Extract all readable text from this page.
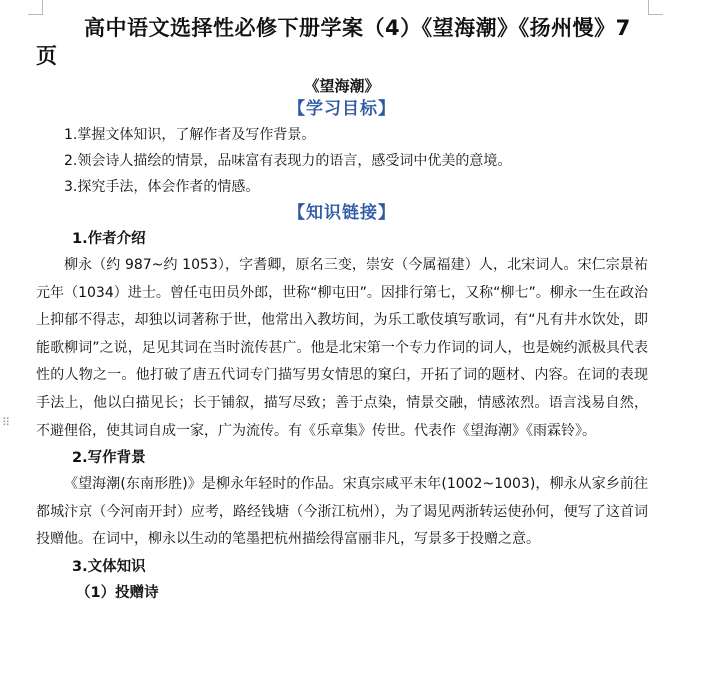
⠿
高中语文选择性必修下册学案（4）《望海潮》《扬州慢》7页
《望海潮》
【学习目标】

1.掌握文体知识，了解作者及写作背景。

2.领会诗人描绘的情景，品味富有表现力的语言，感受词中优美的意境。

3.探究手法，体会作者的情感。

【知识链接】

1.作者介绍

柳永（约 987~约 1053），字耆卿，原名三变，崇安（今属福建）人，北宋词人。宋仁宗景祐元年（1034）进士。曾任屯田员外郎，世称“柳屯田”。因排行第七，又称“柳七”。柳永一生在政治上抑郁不得志，却独以词著称于世，他常出入教坊间，为乐工歌伎填写歌词，有“凡有井水饮处，即能歌柳词”之说，足见其词在当时流传甚广。他是北宋第一个专力作词的词人，也是婉约派极具代表性的人物之一。他打破了唐五代词专门描写男女情思的窠臼，开拓了词的题材、内容。在词的表现手法上，他以白描见长；长于铺叙，描写尽致；善于点染，情景交融，情感浓烈。语言浅易自然，不避俚俗，使其词自成一家，广为流传。有《乐章集》传世。代表作《望海潮》《雨霖铃》。

2.写作背景

《望海潮(东南形胜)》是柳永年轻时的作品。宋真宗咸平末年(1002~1003)，柳永从家乡前往都城汴京（今河南开封）应考，路经钱塘（今浙江杭州），为了谒见两浙转运使孙何，便写了这首词投赠他。在词中，柳永以生动的笔墨把杭州描绘得富丽非凡，写景多于投赠之意。

3.文体知识

（1）投赠诗
